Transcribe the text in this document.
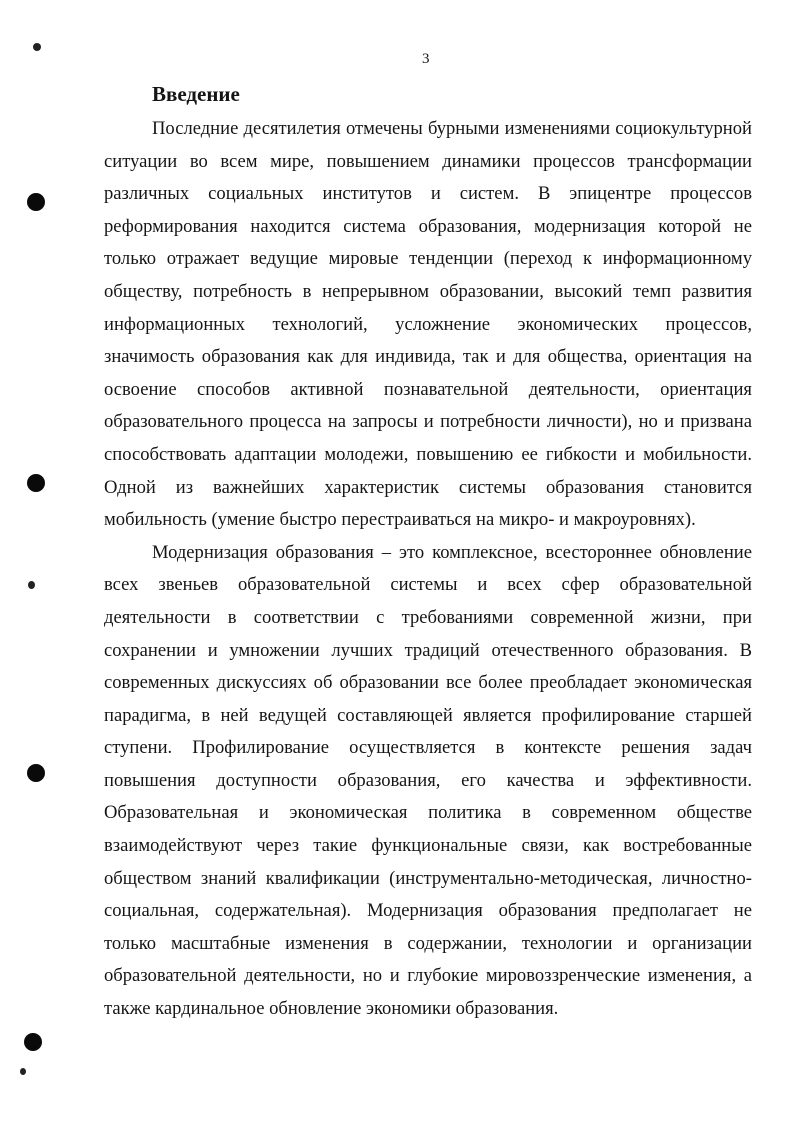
3
Введение

Последние десятилетия отмечены бурными изменениями социокультурной ситуации во всем мире, повышением динамики процессов трансформации различных социальных институтов и систем. В эпицентре процессов реформирования находится система образования, модернизация которой не только отражает ведущие мировые тенденции (переход к информационному обществу, потребность в непрерывном образовании, высокий темп развития информационных технологий, усложнение экономических процессов, значимость образования как для индивида, так и для общества, ориентация на освоение способов активной познавательной деятельности, ориентация образовательного процесса на запросы и потребности личности), но и призвана способствовать адаптации молодежи, повышению ее гибкости и мобильности. Одной из важнейших характеристик системы образования становится мобильность (умение быстро перестраиваться на микро- и макроуровнях).

Модернизация образования – это комплексное, всестороннее обновление всех звеньев образовательной системы и всех сфер образовательной деятельности в соответствии с требованиями современной жизни, при сохранении и умножении лучших традиций отечественного образования. В современных дискуссиях об образовании все более преобладает экономическая парадигма, в ней ведущей составляющей является профилирование старшей ступени. Профилирование осуществляется в контексте решения задач повышения доступности образования, его качества и эффективности. Образовательная и экономическая политика в современном обществе взаимодействуют через такие функциональные связи, как востребованные обществом знаний квалификации (инструментально-методическая, личностно-социальная, содержательная). Модернизация образования предполагает не только масштабные изменения в содержании, технологии и организации образовательной деятельности, но и глубокие мировоззренческие изменения, а также кардинальное обновление экономики образования.
